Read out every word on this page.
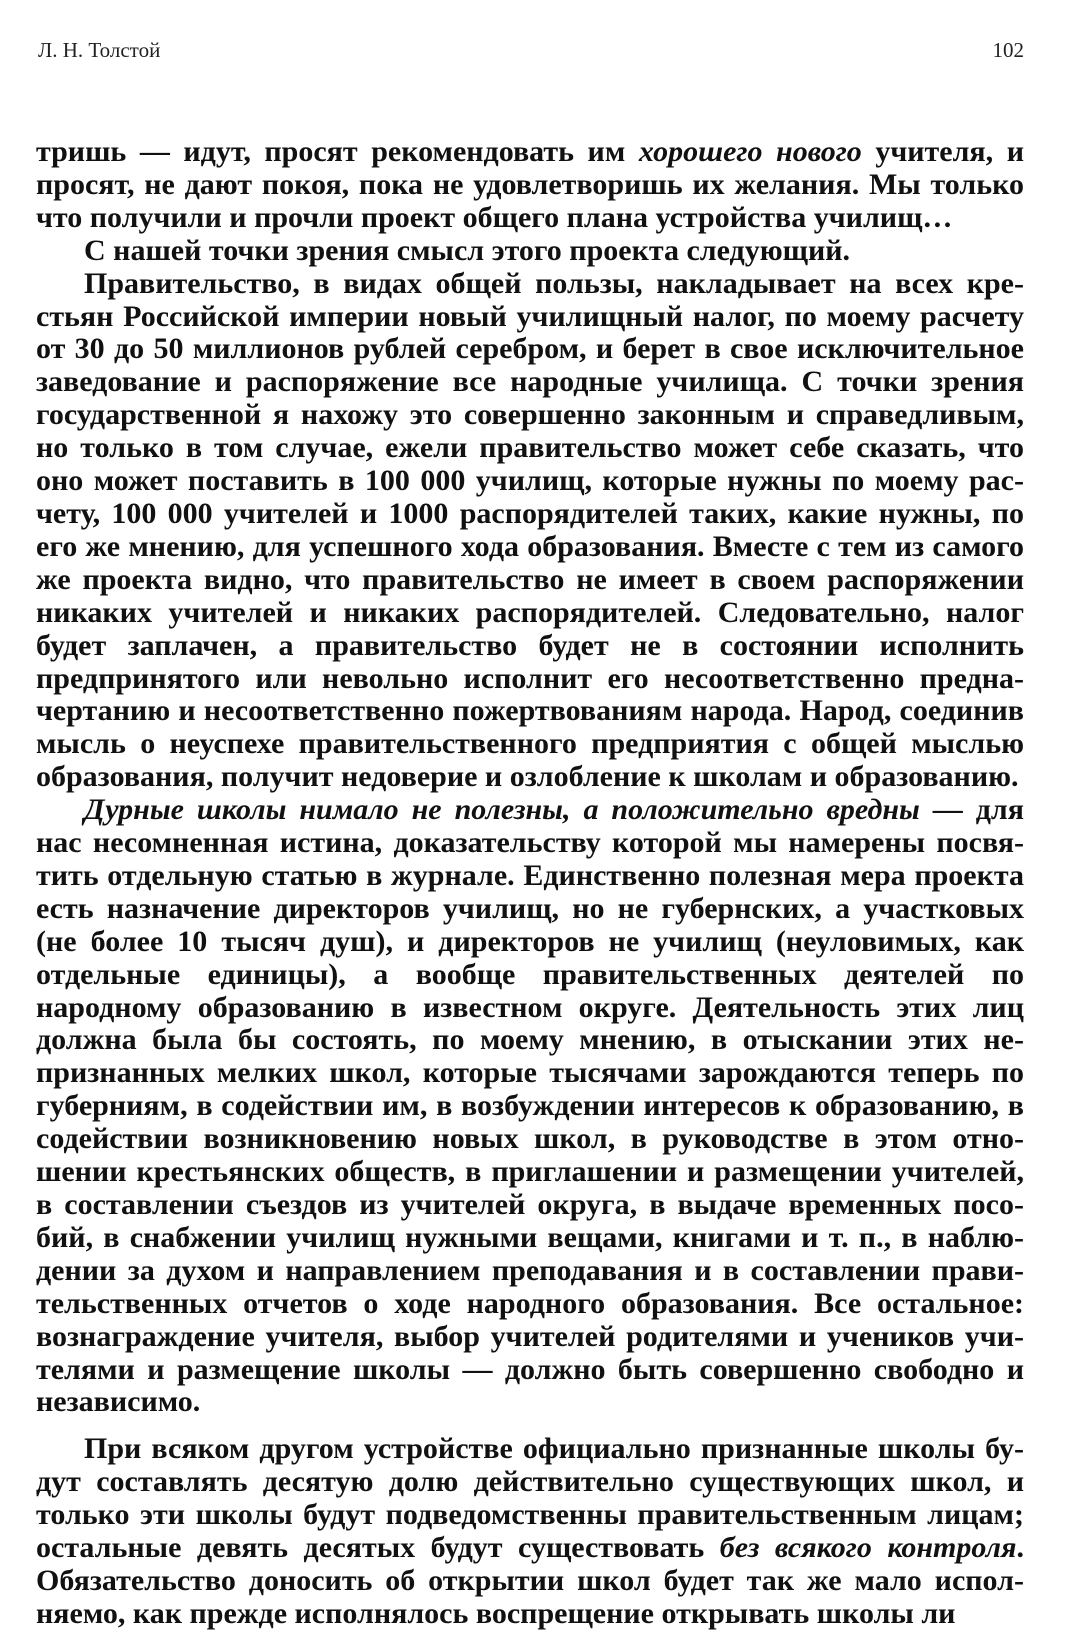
Л. Н. Толстой	102

тришь — идут, просят рекомендовать им хорошего нового учителя, и просят, не дают покоя, пока не удовлетворишь их желания. Мы только что получили и прочли проект общего плана устройства училищ…

С нашей точки зрения смысл этого проекта следующий.

Правительство, в видах общей пользы, накладывает на всех крестьян Российской империи новый училищный налог, по моему расчету от 30 до 50 миллионов рублей серебром, и берет в свое исключительное заведование и распоряжение все народные училища. С точки зрения государственной я нахожу это совершенно законным и справедливым, но только в том случае, ежели правительство может себе сказать, что оно может поставить в 100 000 училищ, которые нужны по моему расчету, 100 000 учителей и 1000 распорядителей таких, какие нужны, по его же мнению, для успешного хода образования. Вместе с тем из самого же проекта видно, что правительство не имеет в своем распоряжении никаких учителей и никаких распорядителей. Следовательно, налог будет заплачен, а правительство будет не в состоянии исполнить предпринятого или невольно исполнит его несоответственно предначертанию и несоответственно пожертвованиям народа. Народ, соединив мысль о неуспехе правительственного предприятия с общей мыслью образования, получит недоверие и озлобление к школам и образованию.

Дурные школы нимало не полезны, а положительно вредны — для нас несомненная истина, доказательству которой мы намерены посвятить отдельную статью в журнале. Единственно полезная мера проекта есть назначение директоров училищ, но не губернских, а участковых (не более 10 тысяч душ), и директоров не училищ (неуловимых, как отдельные единицы), а вообще правительственных деятелей по народному образованию в известном округе. Деятельность этих лиц должна была бы состоять, по моему мнению, в отыскании этих непризнанных мелких школ, которые тысячами зарождаются теперь по губерниям, в содействии им, в возбуждении интересов к образованию, в содействии возникновению новых школ, в руководстве в этом отношении крестьянских обществ, в приглашении и размещении учителей, в составлении съездов из учителей округа, в выдаче временных пособий, в снабжении училищ нужными вещами, книгами и т. п., в наблюдении за духом и направлением преподавания и в составлении правительственных отчетов о ходе народного образования. Все остальное: вознаграждение учителя, выбор учителей родителями и учеников учителями и размещение школы — должно быть совершенно свободно и независимо.

При всяком другом устройстве официально признанные школы будут составлять десятую долю действительно существующих школ, и только эти школы будут подведомственны правительственным лицам; остальные девять десятых будут существовать без всякого контроля. Обязательство доносить об открытии школ будет так же мало исполняемо, как прежде исполнялось воспрещение открывать школы ли
